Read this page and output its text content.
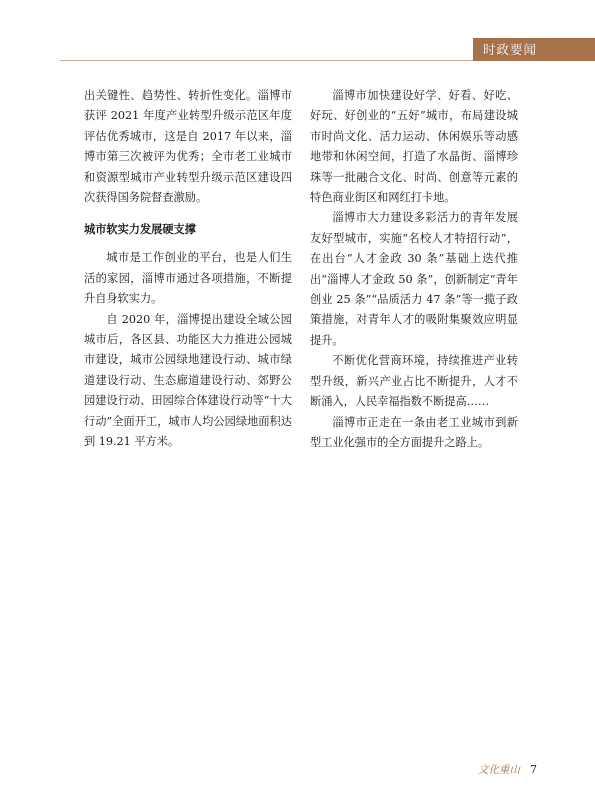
时政要闻

出关键性、趋势性、转折性变化。淄博市获评 2021 年度产业转型升级示范区年度评估优秀城市，这是自 2017 年以来，淄博市第三次被评为优秀；全市老工业城市和资源型城市产业转型升级示范区建设四次获得国务院督查激励。

城市软实力发展硬支撑

城市是工作创业的平台，也是人们生活的家园，淄博市通过各项措施，不断提升自身软实力。

自 2020 年，淄博提出建设全域公园城市后，各区县、功能区大力推进公园城市建设，城市公园绿地建设行动、城市绿道建设行动、生态廊道建设行动、郊野公园建设行动、田园综合体建设行动等“十大行动”全面开工，城市人均公园绿地面积达到 19.21 平方米。

淄博市加快建设好学、好看、好吃、好玩、好创业的“五好”城市，布局建设城市时尚文化、活力运动、休闲娱乐等动感地带和休闲空间，打造了水晶街、淄博珍珠等一批融合文化、时尚、创意等元素的特色商业街区和网红打卡地。

淄博市大力建设多彩活力的青年发展友好型城市，实施“名校人才特招行动”，在出台“人才金政 30 条”基础上迭代推出“淄博人才金政 50 条”，创新制定“青年创业 25 条”“品质活力 47 条”等一揽子政策措施，对青年人才的吸附集聚效应明显提升。

不断优化营商环境，持续推进产业转型升级，新兴产业占比不断提升，人才不断涌入，人民幸福指数不断提高……

淄博市正走在一条由老工业城市到新型工业化强市的全方面提升之路上。

文化重山 7
